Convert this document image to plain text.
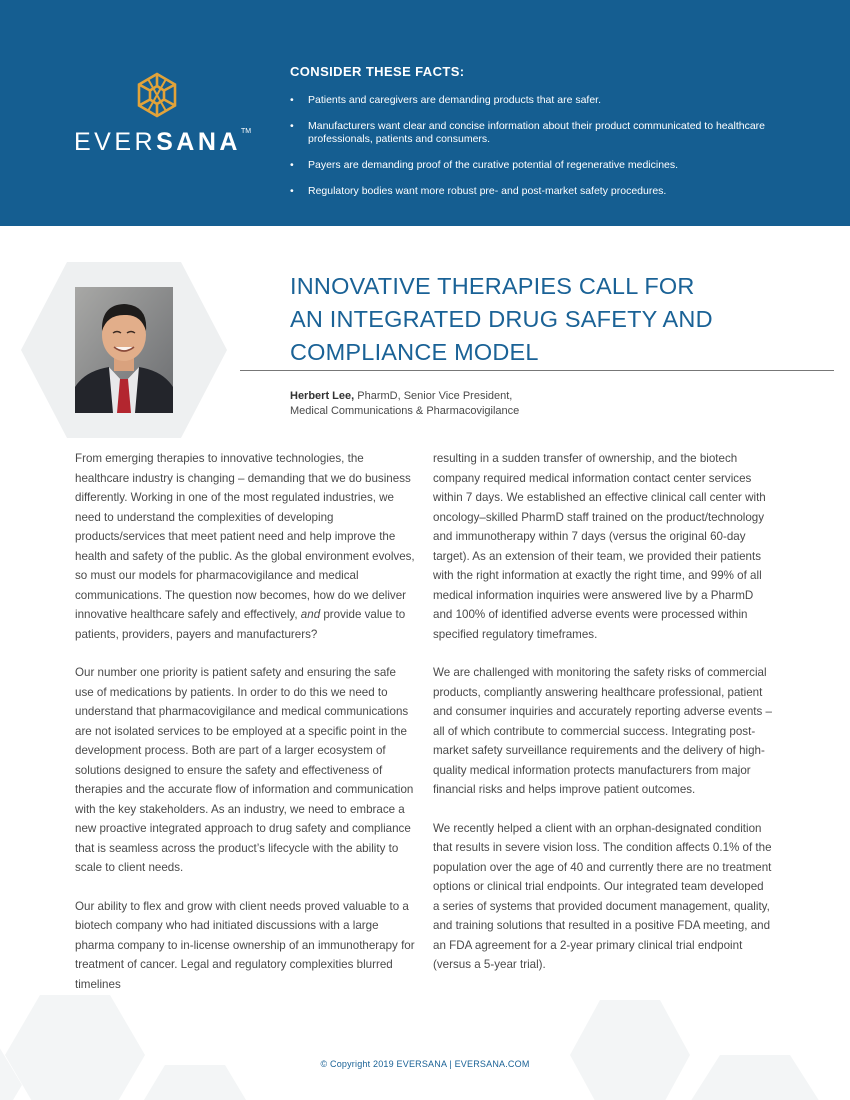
EVERSANA™
CONSIDER THESE FACTS:
• Patients and caregivers are demanding products that are safer.
• Manufacturers want clear and concise information about their product communicated to healthcare professionals, patients and consumers.
• Payers are demanding proof of the curative potential of regenerative medicines.
• Regulatory bodies want more robust pre- and post-market safety procedures.
INNOVATIVE THERAPIES CALL FOR
AN INTEGRATED DRUG SAFETY AND
COMPLIANCE MODEL
Herbert Lee, PharmD, Senior Vice President,
Medical Communications & Pharmacovigilance

From emerging therapies to innovative technologies, the healthcare industry is changing – demanding that we do business differently. Working in one of the most regulated industries, we need to understand the complexities of developing products/services that meet patient need and help improve the health and safety of the public. As the global environment evolves, so must our models for pharmacovigilance and medical communications. The question now becomes, how do we deliver innovative healthcare safely and effectively, and provide value to patients, providers, payers and manufacturers?

Our number one priority is patient safety and ensuring the safe use of medications by patients. In order to do this we need to understand that pharmacovigilance and medical communications are not isolated services to be employed at a specific point in the development process. Both are part of a larger ecosystem of solutions designed to ensure the safety and effectiveness of therapies and the accurate flow of information and communication with the key stakeholders. As an industry, we need to embrace a new proactive integrated approach to drug safety and compliance that is seamless across the product’s lifecycle with the ability to scale to client needs.

Our ability to flex and grow with client needs proved valuable to a biotech company who had initiated discussions with a large pharma company to in-license ownership of an immunotherapy for treatment of cancer. Legal and regulatory complexities blurred timelines

resulting in a sudden transfer of ownership, and the biotech company required medical information contact center services within 7 days. We established an effective clinical call center with oncology–skilled PharmD staff trained on the product/technology and immunotherapy within 7 days (versus the original 60-day target). As an extension of their team, we provided their patients with the right information at exactly the right time, and 99% of all medical information inquiries were answered live by a PharmD and 100% of identified adverse events were processed within specified regulatory timeframes.

We are challenged with monitoring the safety risks of commercial products, compliantly answering healthcare professional, patient and consumer inquiries and accurately reporting adverse events – all of which contribute to commercial success. Integrating post-market safety surveillance requirements and the delivery of high-quality medical information protects manufacturers from major financial risks and helps improve patient outcomes.

We recently helped a client with an orphan-designated condition that results in severe vision loss. The condition affects 0.1% of the population over the age of 40 and currently there are no treatment options or clinical trial endpoints. Our integrated team developed a series of systems that provided document management, quality, and training solutions that resulted in a positive FDA meeting, and an FDA agreement for a 2-year primary clinical trial endpoint (versus a 5-year trial).

© Copyright 2019 EVERSANA | EVERSANA.COM
